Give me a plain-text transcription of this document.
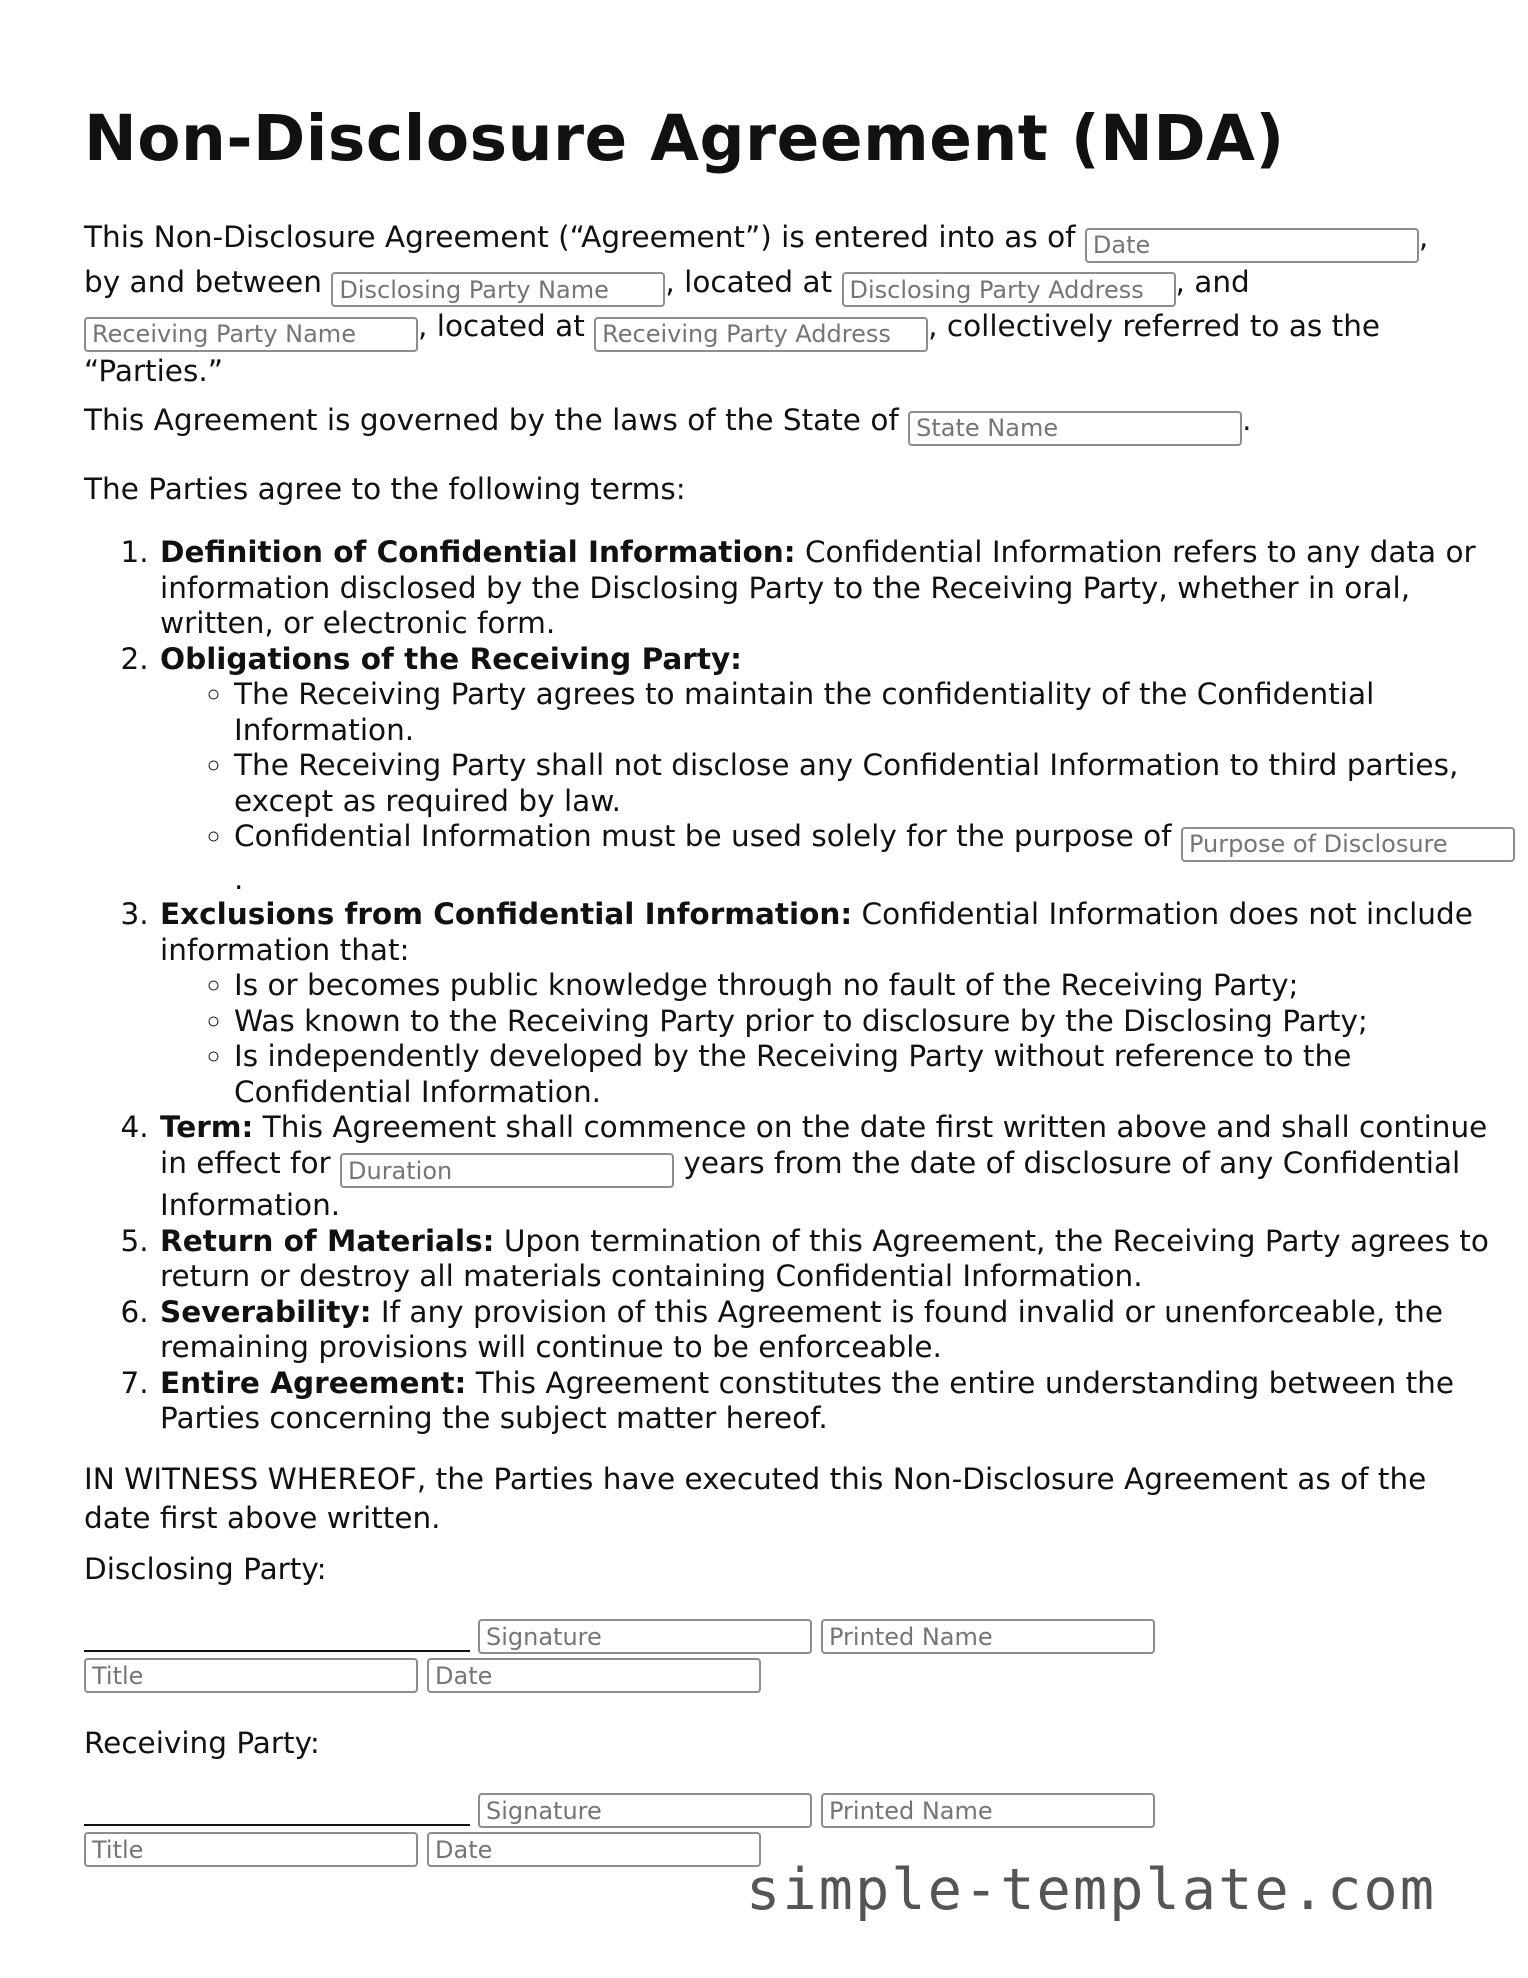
Non-Disclosure Agreement (NDA)
This Non-Disclosure Agreement (“Agreement”) is entered into as of Date	,
by and between Disclosing Party Name	, located at Disclosing Party Address	, and
Receiving Party Name, located at Receiving Party Address	, collectively referred to as the “Parties.”
This Agreement is governed by the laws of the State of State Name	.
The Parties agree to the following terms:
1. Definition of Confidential Information: Confidential Information refers to any data or information disclosed by the Disclosing Party to the Receiving Party, whether in oral, written, or electronic form.
2. Obligations of the Receiving Party:
◦ The Receiving Party agrees to maintain the confidentiality of the Confidential Information.
◦ The Receiving Party shall not disclose any Confidential Information to third parties, except as required by law.
◦ Confidential Information must be used solely for the purpose of Purpose of Disclosure.
3. Exclusions from Confidential Information: Confidential Information does not include information that:
◦ Is or becomes public knowledge through no fault of the Receiving Party;
◦ Was known to the Receiving Party prior to disclosure by the Disclosing Party;
◦ Is independently developed by the Receiving Party without reference to the Confidential Information.
4. Term: This Agreement shall commence on the date first written above and shall continue in effect for Duration	years from the date of disclosure of any Confidential Information.
5. Return of Materials: Upon termination of this Agreement, the Receiving Party agrees to return or destroy all materials containing Confidential Information.
6. Severability: If any provision of this Agreement is found invalid or unenforceable, the remaining provisions will continue to be enforceable.
7. Entire Agreement: This Agreement constitutes the entire understanding between the Parties concerning the subject matter hereof.
IN WITNESS WHEREOF, the Parties have executed this Non-Disclosure Agreement as of the date first above written.
Disclosing Party:
Signature
Printed Name
Title
Date
Receiving Party:
Signature
Printed Name
Title
Date
simple-template.com
